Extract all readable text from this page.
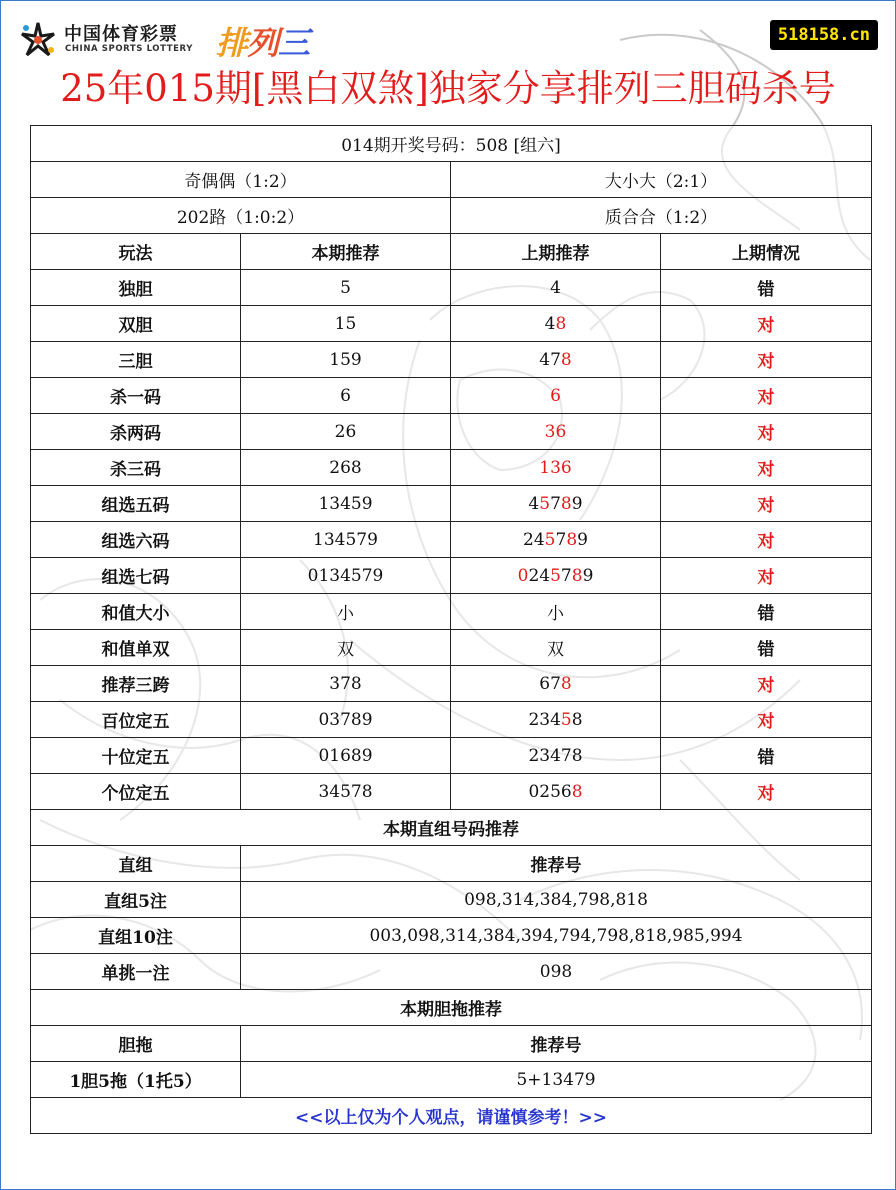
中国体育彩票
CHINA SPORTS LOTTERY 排列三	518158.cn
25年015期[黑白双煞]独家分享排列三胆码杀号
014期开奖号码：508 [组六]			
奇偶偶（1:2）		大小大（2:1）	
202路（1:0:2）		质合合（1:2）	
玩法	本期推荐	上期推荐	上期情况
独胆	5	4	错
双胆	15	48	对
三胆	159	478	对
杀一码	6	6	对
杀两码	26	36	对
杀三码	268	136	对
组选五码	13459	45789	对
组选六码	134579	245789	对
组选七码	0134579	0245789	对
和值大小	小	小	错
和值单双	双	双	错
推荐三跨	378	678	对
百位定五	03789	23458	对
十位定五	01689	23478	错
个位定五	34578	02568	对
本期直组号码推荐			
直组	推荐号		
直组5注	098,314,384,798,818		
直组10注	003,098,314,384,394,794,798,818,985,994		
单挑一注	098		
本期胆拖推荐			
胆拖	推荐号		
1胆5拖（1托5）	5+13479		
<<以上仅为个人观点，请谨慎参考！>>			
